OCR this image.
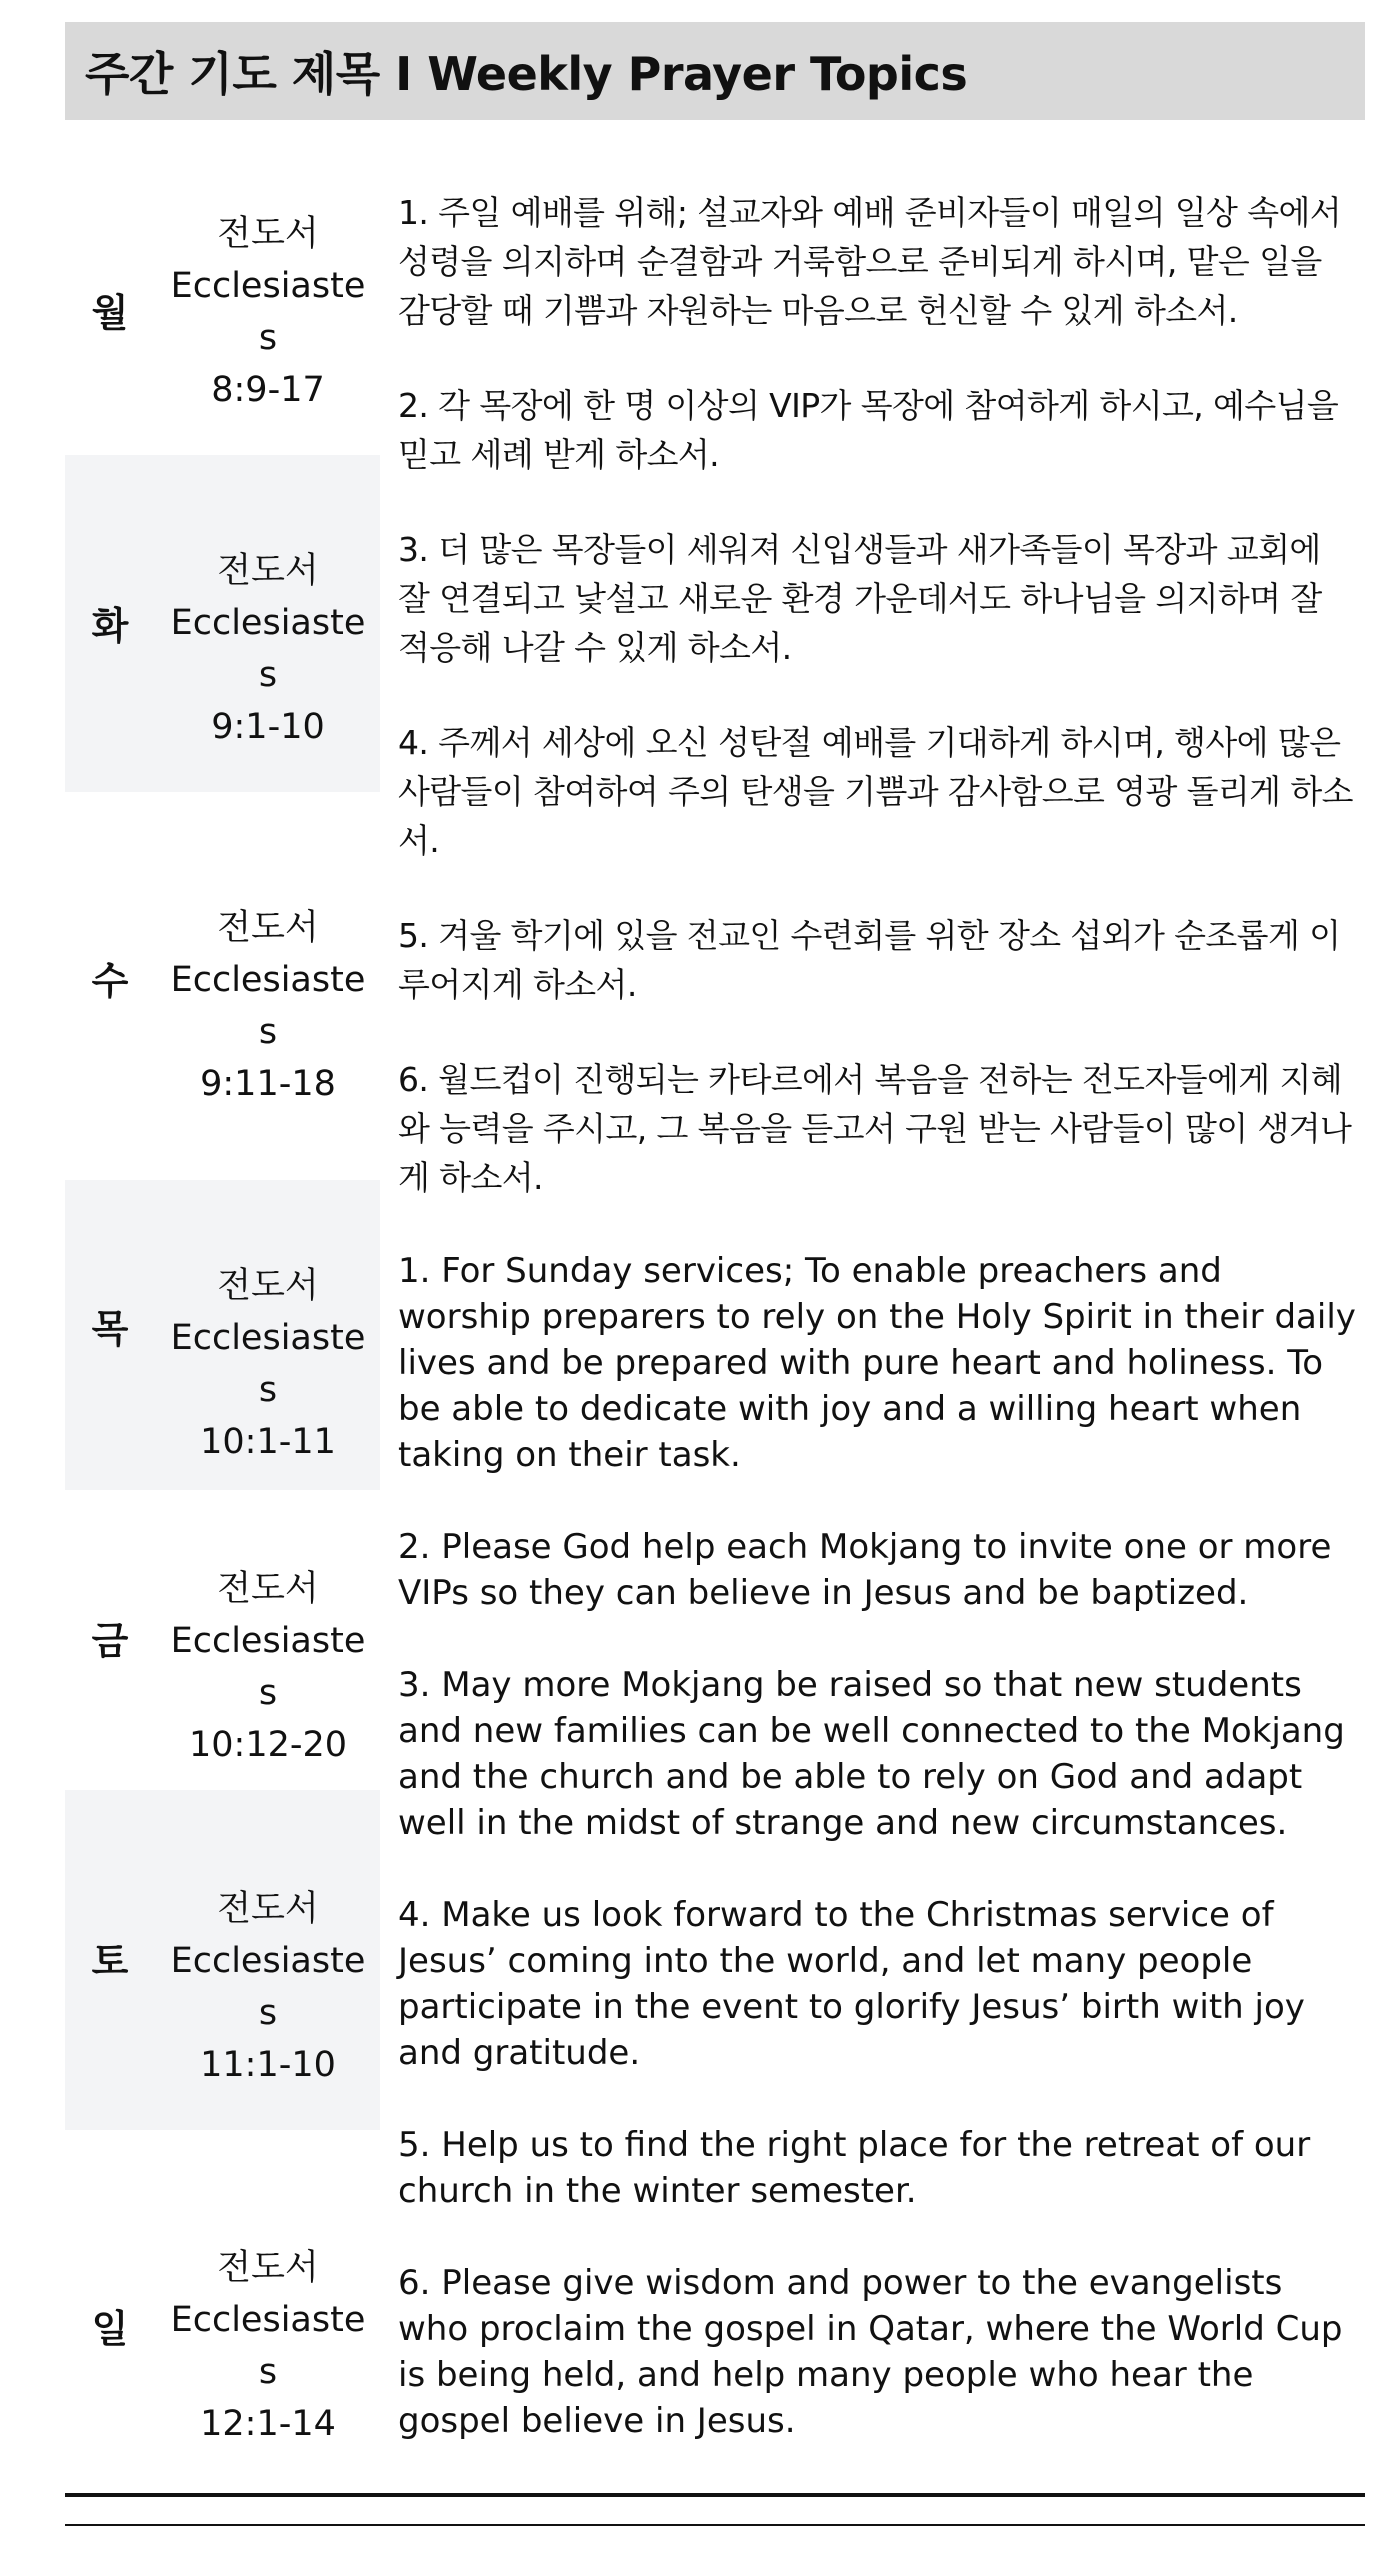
주간 기도 제목 I Weekly Prayer Topics
월
전도서
Ecclesiastes
8:9-17
화
전도서
Ecclesiastes
9:1-10
수
전도서
Ecclesiastes
9:11-18
목
전도서
Ecclesiastes
10:1-11
금
전도서
Ecclesiastes
10:12-20
토
전도서
Ecclesiastes
11:1-10
일
전도서
Ecclesiastes
12:1-14

1. 주일 예배를 위해; 설교자와 예배 준비자들이 매일의 일상 속에서 성령을 의지하며 순결함과 거룩함으로 준비되게 하시며, 맡은 일을 감당할 때 기쁨과 자원하는 마음으로 헌신할 수 있게 하소서.

2. 각 목장에 한 명 이상의 VIP가 목장에 참여하게 하시고, 예수님을 믿고 세례 받게 하소서.

3. 더 많은 목장들이 세워져 신입생들과 새가족들이 목장과 교회에 잘 연결되고 낯설고 새로운 환경 가운데서도 하나님을 의지하며 잘 적응해 나갈 수 있게 하소서.

4. 주께서 세상에 오신 성탄절 예배를 기대하게 하시며, 행사에 많은 사람들이 참여하여 주의 탄생을 기쁨과 감사함으로 영광 돌리게 하소서.

5. 겨울 학기에 있을 전교인 수련회를 위한 장소 섭외가 순조롭게 이루어지게 하소서.

6. 월드컵이 진행되는 카타르에서 복음을 전하는 전도자들에게 지혜와 능력을 주시고, 그 복음을 듣고서 구원 받는 사람들이 많이 생겨나게 하소서.

1. For Sunday services; To enable preachers and worship preparers to rely on the Holy Spirit in their daily lives and be prepared with pure heart and holiness. To be able to dedicate with joy and a willing heart when taking on their task.

2. Please God help each Mokjang to invite one or more VIPs so they can believe in Jesus and be baptized.

3. May more Mokjang be raised so that new students and new families can be well connected to the Mokjang and the church and be able to rely on God and adapt well in the midst of strange and new circumstances.

4. Make us look forward to the Christmas service of Jesus’ coming into the world, and let many people participate in the event to glorify Jesus’ birth with joy and gratitude.

5. Help us to find the right place for the retreat of our church in the winter semester.

6. Please give wisdom and power to the evangelists who proclaim the gospel in Qatar, where the World Cup is being held, and help many people who hear the gospel believe in Jesus.
